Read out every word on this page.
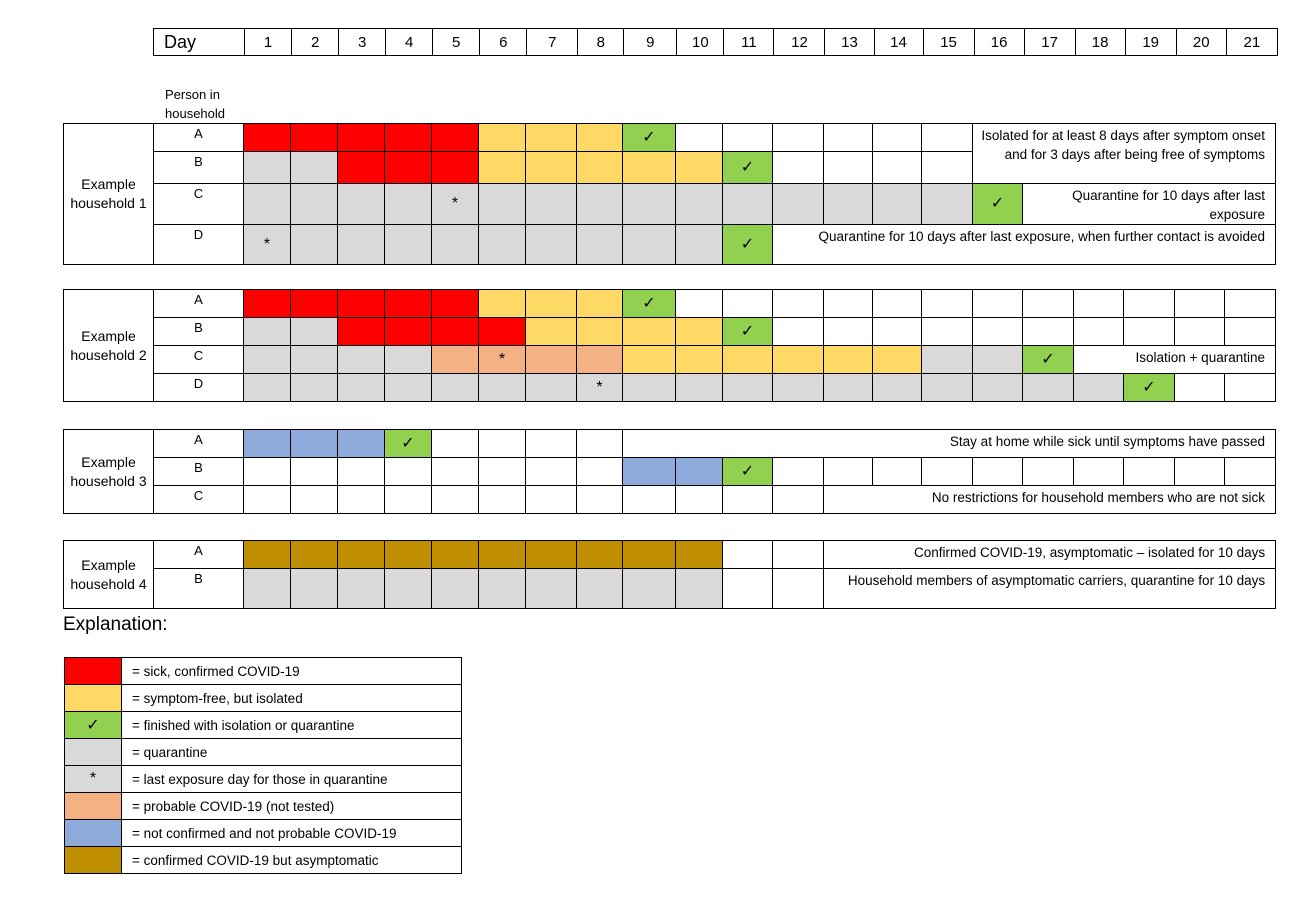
Day	1	2	3	4	5	6	7	8	9	10	11	12	13	14	15	16	17	18	19	20	21
Person in household
Example household 1	A									✓							Isolated for at least 8 days after symptom onset and for 3 days after being free of symptoms	
	B											✓						
	C					*											✓	Quarantine for 10 days after last exposure
	D	*										✓	Quarantine for 10 days after last exposure, when further contact is avoided					
Example household 2	A									✓												
	B											✓										
	C						*											✓	Isolation + quarantine			
	D								*											✓		
Example household 3	A				✓					Stay at home while sick until symptoms have passed												
	B											✓										
	C													No restrictions for household members who are not sick								
Example household 4	A													Confirmed COVID-19, asymptomatic – isolated for 10 days
	B													Household members of asymptomatic carriers, quarantine for 10 days
Explanation:
	= sick, confirmed COVID-19
	= symptom-free, but isolated
✓	= finished with isolation or quarantine
	= quarantine
*	= last exposure day for those in quarantine
	= probable COVID-19 (not tested)
	= not confirmed and not probable COVID-19
	= confirmed COVID-19 but asymptomatic
